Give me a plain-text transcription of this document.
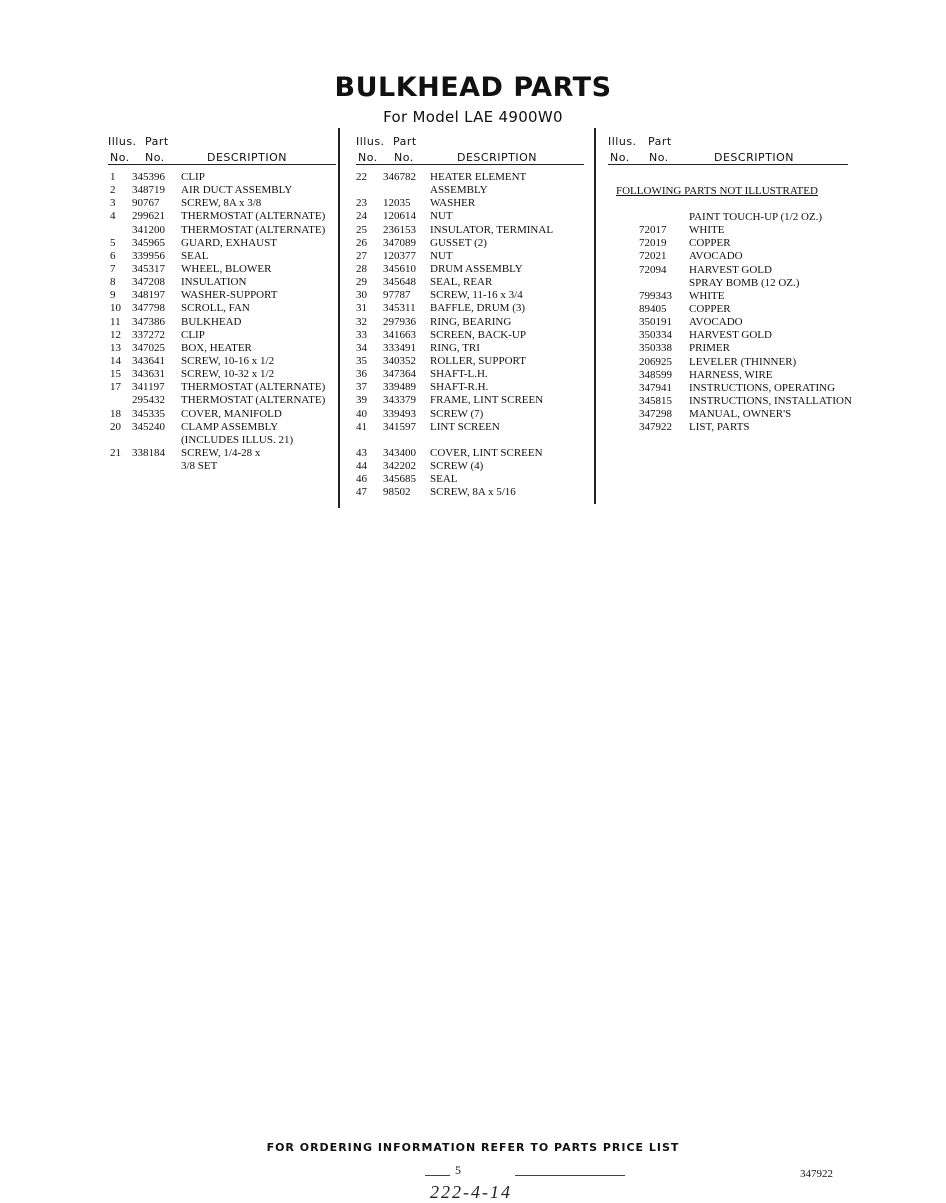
BULKHEAD PARTS
For Model LAE 4900W0
Illus. Part
No. No.	DESCRIPTION
1 345396 CLIP
2 348719 AIR DUCT ASSEMBLY
3 90767 SCREW, 8A x 3/8
4 299621 THERMOSTAT (ALTERNATE)
341200 THERMOSTAT (ALTERNATE)
5 345965 GUARD, EXHAUST
6 339956 SEAL
7 345317 WHEEL, BLOWER
8 347208 INSULATION
9 348197 WASHER-SUPPORT
10 347798 SCROLL, FAN
11 347386 BULKHEAD
12 337272 CLIP
13 347025 BOX, HEATER
14 343641 SCREW, 10-16 x 1/2
15 343631 SCREW, 10-32 x 1/2
17 341197 THERMOSTAT (ALTERNATE)
295432 THERMOSTAT (ALTERNATE)
18 345335 COVER, MANIFOLD
20 345240 CLAMP ASSEMBLY
(INCLUDES ILLUS. 21)
21 338184 SCREW, 1/4-28 x
3/8 SET
Illus. Part
No. No.	DESCRIPTION
22 346782 HEATER ELEMENT
ASSEMBLY
23 12035 WASHER
24 120614 NUT
25 236153 INSULATOR, TERMINAL
26 347089 GUSSET (2)
27 120377 NUT
28 345610 DRUM ASSEMBLY
29 345648 SEAL, REAR
30 97787 SCREW, 11-16 x 3/4
31 345311 BAFFLE, DRUM (3)
32 297936 RING, BEARING
33 341663 SCREEN, BACK-UP
34 333491 RING, TRI
35 340352 ROLLER, SUPPORT
36 347364 SHAFT-L.H.
37 339489 SHAFT-R.H.
39 343379 FRAME, LINT SCREEN
40 339493 SCREW (7)
41 341597 LINT SCREEN
43 343400 COVER, LINT SCREEN
44 342202 SCREW (4)
46 345685 SEAL
47 98502 SCREW, 8A x 5/16
Illus. Part
No. No.	DESCRIPTION
FOLLOWING PARTS NOT ILLUSTRATED
PAINT TOUCH-UP (1/2 OZ.)
72017 WHITE
72019 COPPER
72021 AVOCADO
72094 HARVEST GOLD
SPRAY BOMB (12 OZ.)
799343 WHITE
89405 COPPER
350191 AVOCADO
350334 HARVEST GOLD
350338 PRIMER
206925 LEVELER (THINNER)
348599 HARNESS, WIRE
347941 INSTRUCTIONS, OPERATING
345815 INSTRUCTIONS, INSTALLATION
347298 MANUAL, OWNER'S
347922 LIST, PARTS
FOR ORDERING INFORMATION REFER TO PARTS PRICE LIST
5	347922
222-4-14
